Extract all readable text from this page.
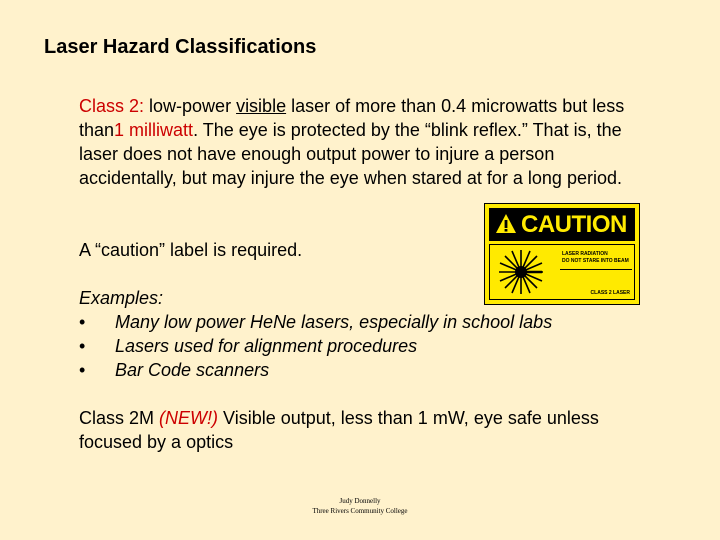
Laser Hazard Classifications
Class 2: low-power visible laser of more than 0.4 microwatts but less than1 milliwatt. The eye is protected by the “blink reflex.” That is, the laser does not have enough output power to injure a person accidentally, but may injure the eye when stared at for a long period.
A “caution” label is required.
Examples:
• Many low power HeNe lasers, especially in school labs
• Lasers used for alignment procedures
• Bar Code scanners
Class 2M (NEW!) Visible output, less than 1 mW, eye safe unless focused by a optics
CAUTION
LASER RADIATION
DO NOT STARE INTO BEAM
CLASS 2 LASER
Judy Donnelly
Three Rivers Community College
